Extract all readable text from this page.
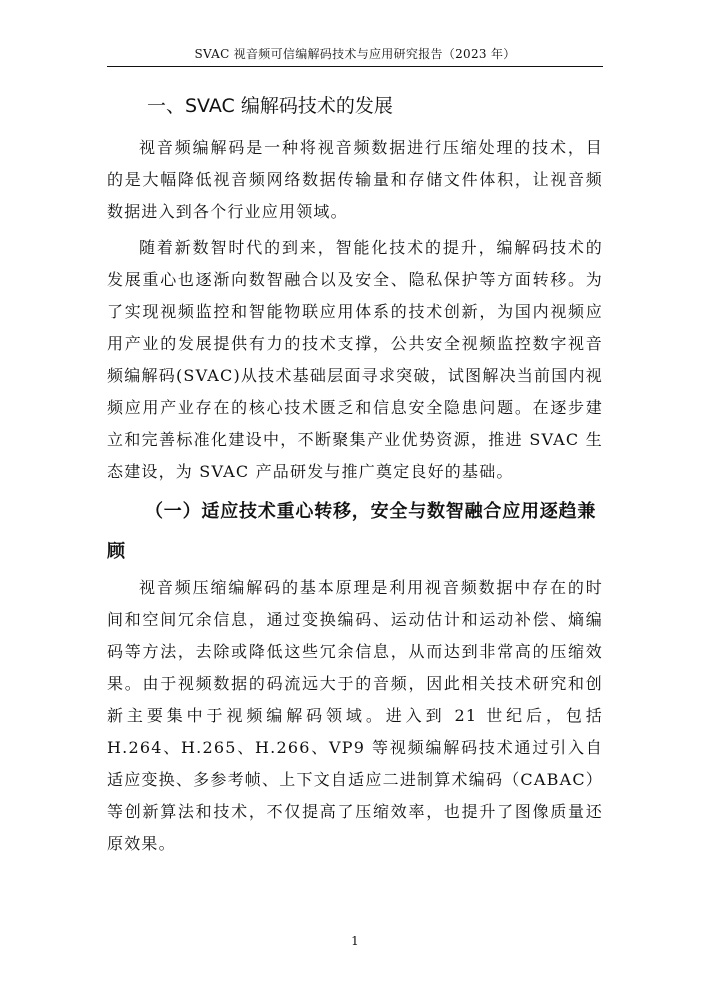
SVAC 视音频可信编解码技术与应用研究报告（2023 年）
一、SVAC 编解码技术的发展

视音频编解码是一种将视音频数据进行压缩处理的技术，目的是大幅降低视音频网络数据传输量和存储文件体积，让视音频数据进入到各个行业应用领域。

随着新数智时代的到来，智能化技术的提升，编解码技术的发展重心也逐渐向数智融合以及安全、隐私保护等方面转移。为了实现视频监控和智能物联应用体系的技术创新，为国内视频应用产业的发展提供有力的技术支撑，公共安全视频监控数字视音频编解码(SVAC)从技术基础层面寻求突破，试图解决当前国内视频应用产业存在的核心技术匮乏和信息安全隐患问题。在逐步建立和完善标准化建设中，不断聚集产业优势资源，推进 SVAC 生态建设，为 SVAC 产品研发与推广奠定良好的基础。

（一）适应技术重心转移，安全与数智融合应用逐趋兼顾

视音频压缩编解码的基本原理是利用视音频数据中存在的时间和空间冗余信息，通过变换编码、运动估计和运动补偿、熵编码等方法，去除或降低这些冗余信息，从而达到非常高的压缩效果。由于视频数据的码流远大于的音频，因此相关技术研究和创新主要集中于视频编解码领域。进入到 21 世纪后，包括 H.264、H.265、H.266、VP9 等视频编解码技术通过引入自适应变换、多参考帧、上下文自适应二进制算术编码（CABAC）等创新算法和技术，不仅提高了压缩效率，也提升了图像质量还原效果。

1
